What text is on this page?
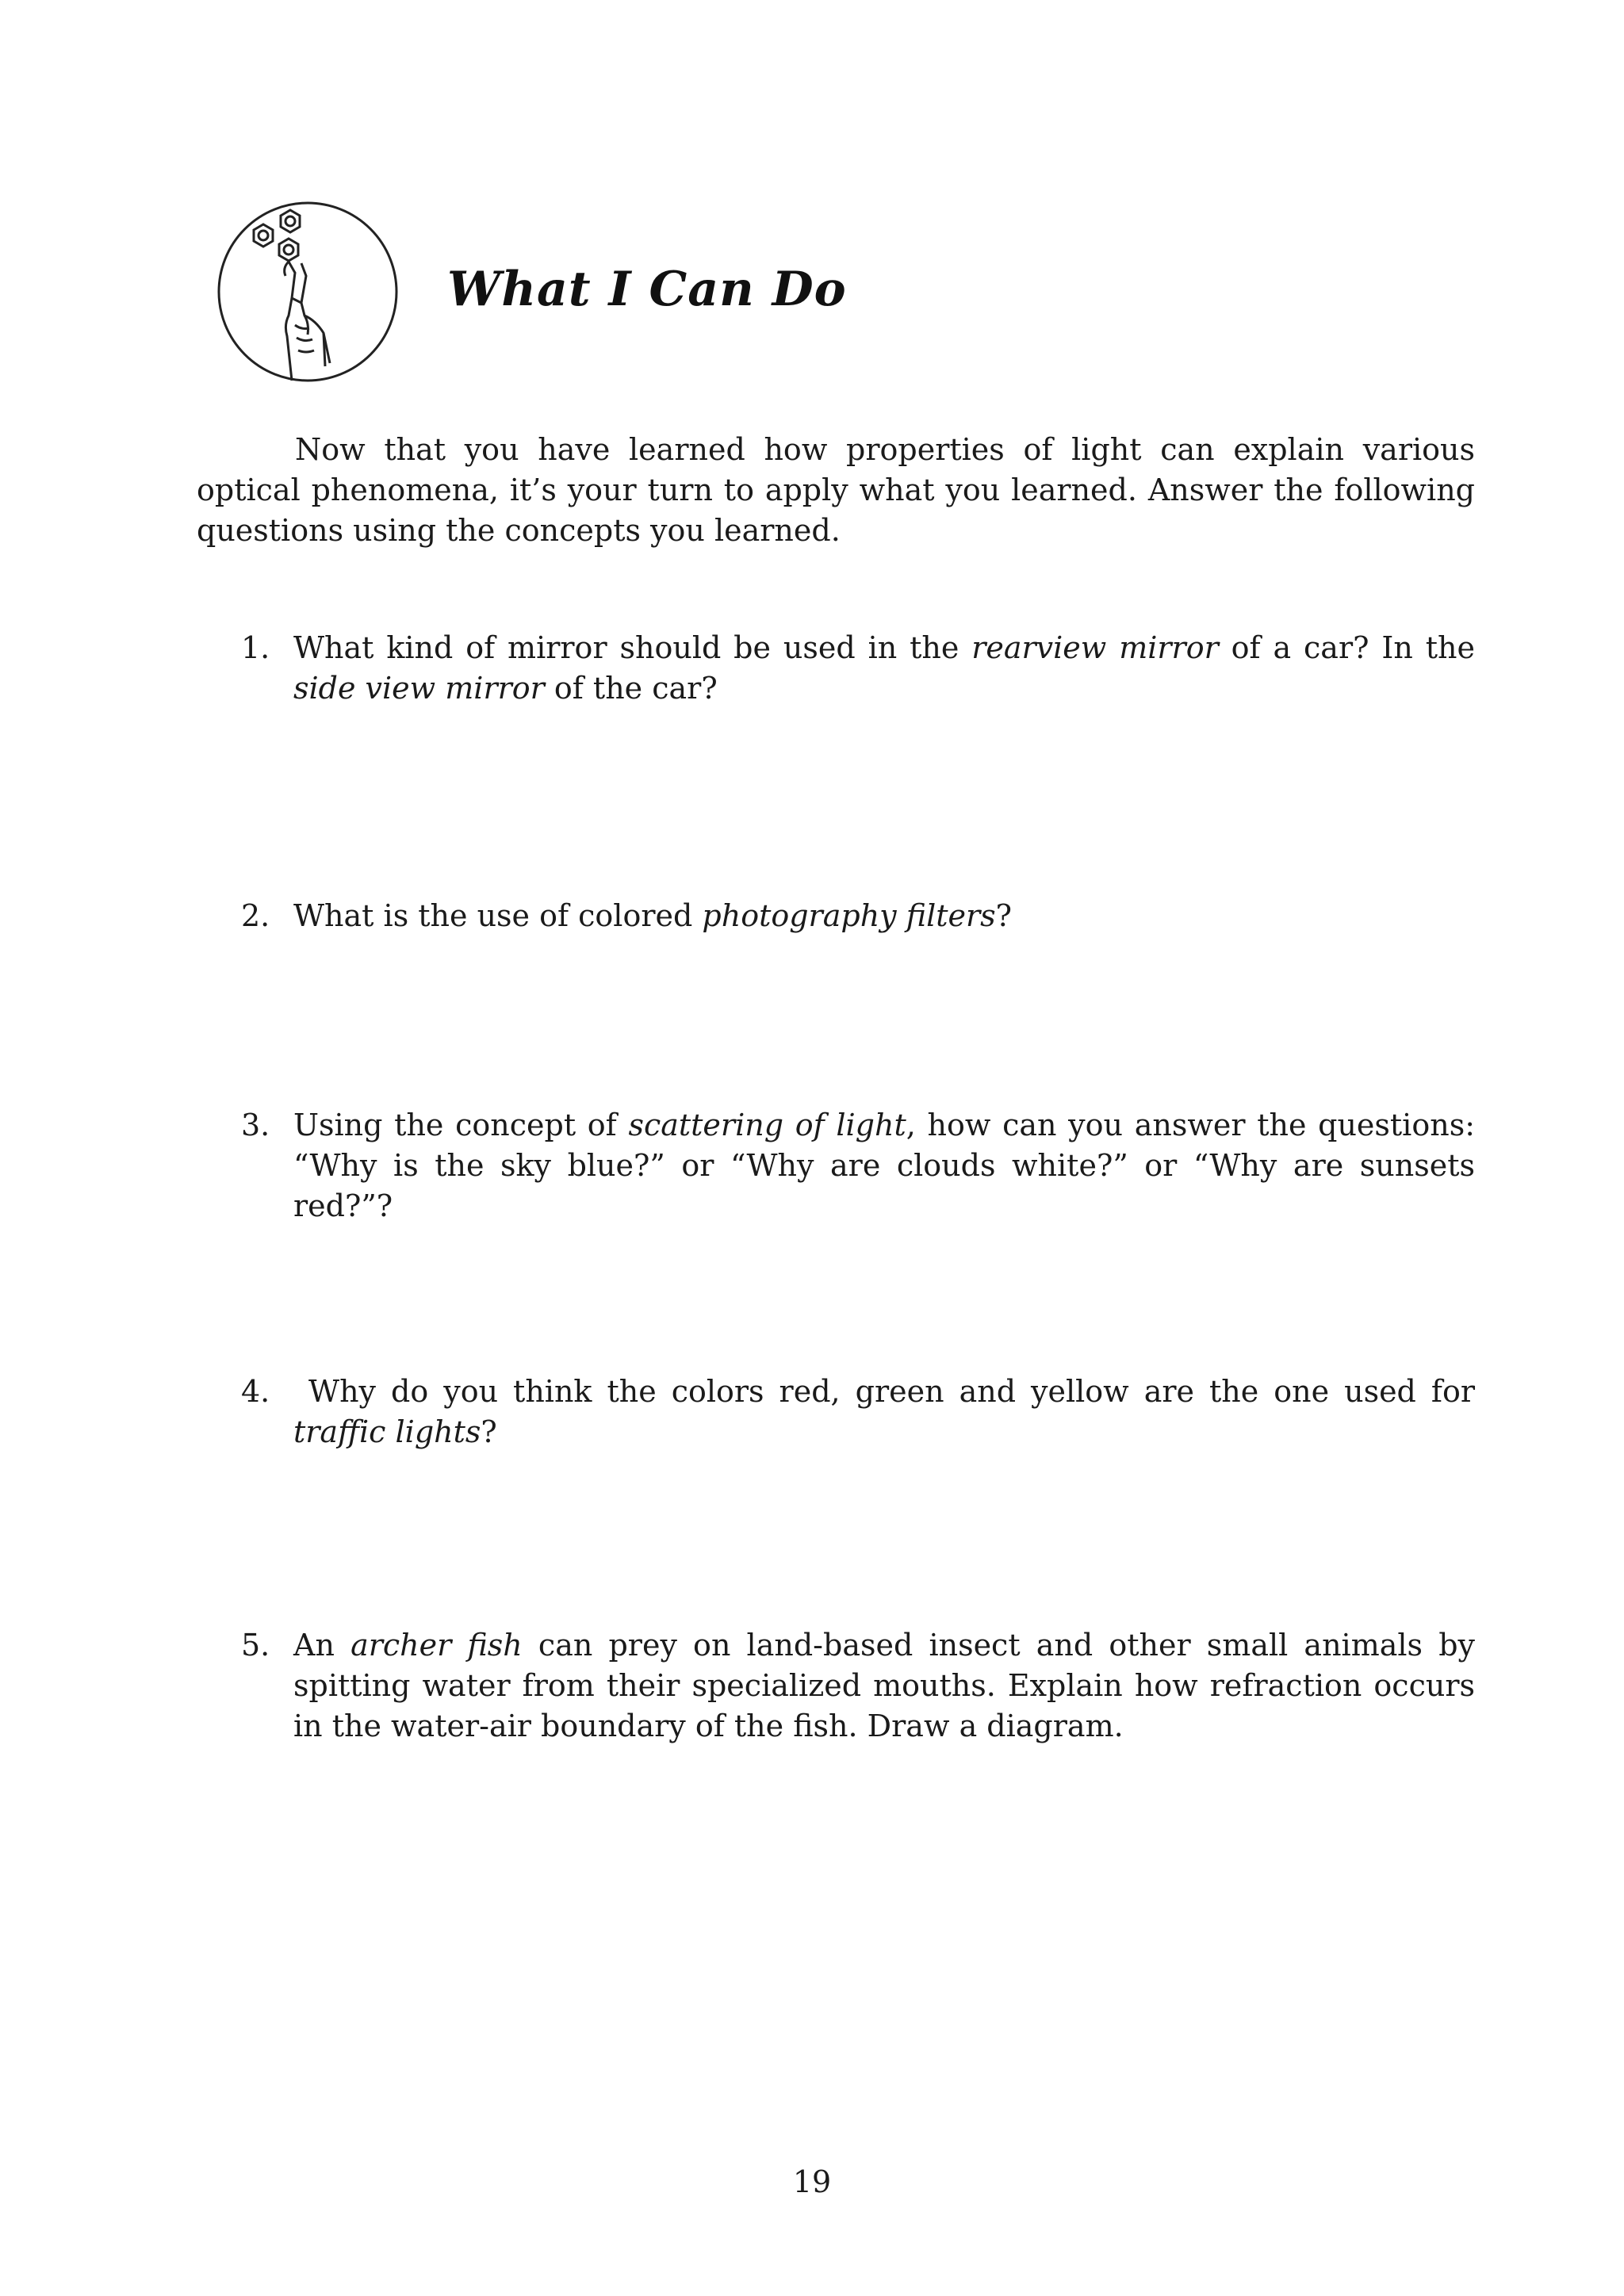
What I Can Do

Now that you have learned how properties of light can explain various optical phenomena, it’s your turn to apply what you learned. Answer the following questions using the concepts you learned.

1. What kind of mirror should be used in the rearview mirror of a car? In the side view mirror of the car?

2. What is the use of colored photography filters?

3. Using the concept of scattering of light, how can you answer the questions: “Why is the sky blue?” or “Why are clouds white?” or “Why are sunsets red?”?

4.	Why do you think the colors red, green and yellow are the one used for traffic lights?

5. An archer fish can prey on land-based insect and other small animals by spitting water from their specialized mouths. Explain how refraction occurs in the water-air boundary of the fish. Draw a diagram.

19
